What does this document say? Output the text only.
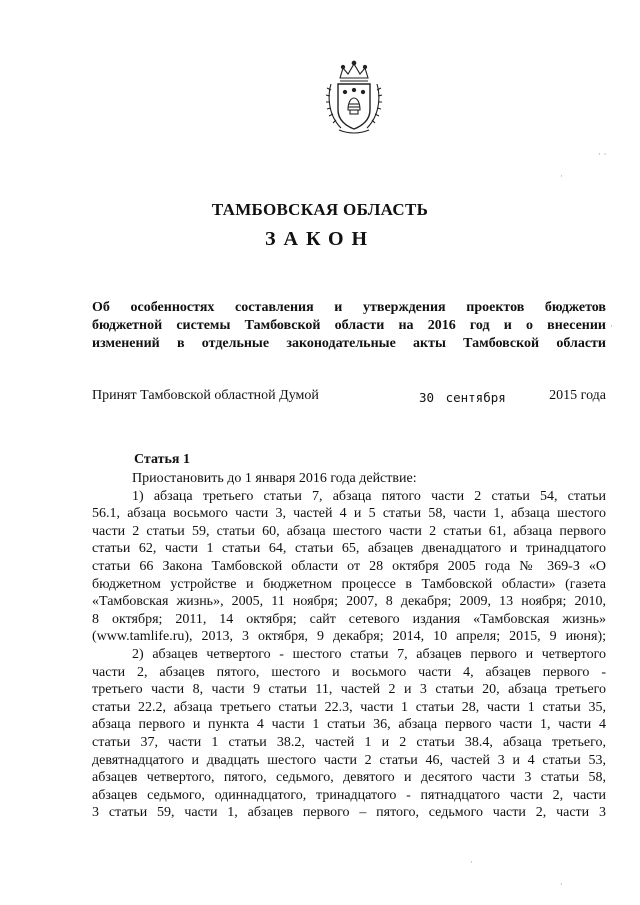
ТАМБОВСКАЯ ОБЛАСТЬ
ЗАКОН
Об особенностях составления и утверждения проектов бюджетов
бюджетной системы Тамбовской области на 2016 год и о внесении
изменений в отдельные законодательные акты Тамбовской области
Принят Тамбовской областной Думой	30 сентября	2015 года
Статья 1
Приостановить до 1 января 2016 года действие:
1) абзаца третьего статьи 7, абзаца пятого части 2 статьи 54, статьи
56.1, абзаца восьмого части 3, частей 4 и 5 статьи 58, части 1, абзаца шестого
части 2 статьи 59, статьи 60, абзаца шестого части 2 статьи 61, абзаца первого
статьи 62, части 1 статьи 64, статьи 65, абзацев двенадцатого и тринадцатого
статьи 66 Закона Тамбовской области от 28 октября 2005 года № 369-З «О
бюджетном устройстве и бюджетном процессе в Тамбовской области» (газета
«Тамбовская жизнь», 2005, 11 ноября; 2007, 8 декабря; 2009, 13 ноября; 2010,
8 октября; 2011, 14 октября; сайт сетевого издания «Тамбовская жизнь»
(www.tamlife.ru), 2013, 3 октября, 9 декабря; 2014, 10 апреля; 2015, 9 июня);
2) абзацев четвертого - шестого статьи 7, абзацев первого и четвертого
части 2, абзацев пятого, шестого и восьмого части 4, абзацев первого -
третьего части 8, части 9 статьи 11, частей 2 и 3 статьи 20, абзаца третьего
статьи 22.2, абзаца третьего статьи 22.3, части 1 статьи 28, части 1 статьи 35,
абзаца первого и пункта 4 части 1 статьи 36, абзаца первого части 1, части 4
статьи 37, части 1 статьи 38.2, частей 1 и 2 статьи 38.4, абзаца третьего,
девятнадцатого и двадцать шестого части 2 статьи 46, частей 3 и 4 статьи 53,
абзацев четвертого, пятого, седьмого, девятого и десятого части 3 статьи 58,
абзацев седьмого, одиннадцатого, тринадцатого - пятнадцатого части 2, части
3 статьи 59, части 1, абзацев первого – пятого, седьмого части 2, части 3
· ·
·
·
·
·
